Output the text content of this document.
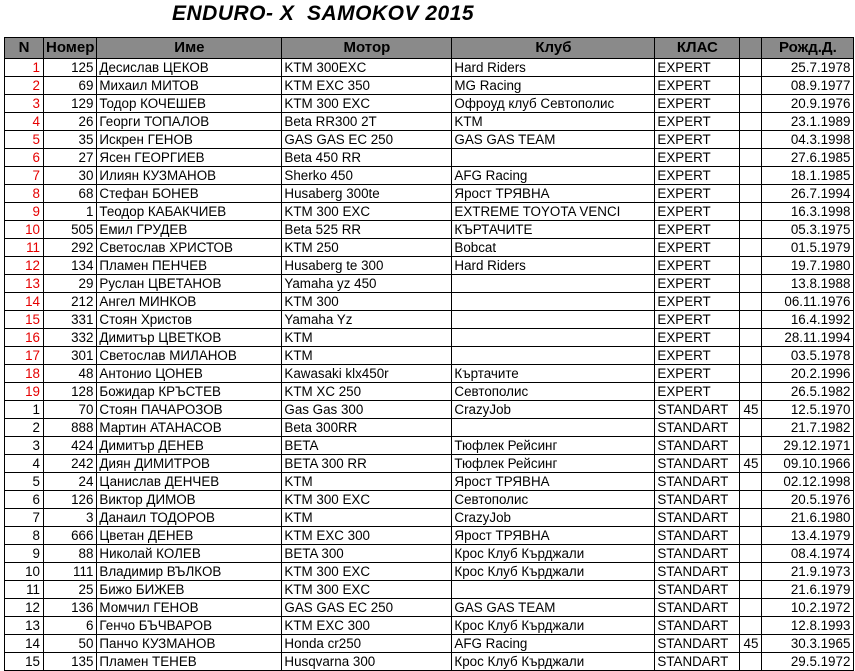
ENDURO- X  SAMOKOV 2015
N	Номер	Име	Мотор	Клуб	КЛАС		Рожд.Д.
1	125	Десислав ЦЕКОВ	KTM 300EXC	Hard Riders	EXPERT		25.7.1978
2	69	Михаил МИТОВ	KTM EXC 350	MG Racing	EXPERT		08.9.1977
3	129	Тодор КОЧЕШЕВ	KTM 300 EXC	Офроуд клуб Севтополис	EXPERT		20.9.1976
4	26	Георги ТОПАЛОВ	Beta RR300 2T	KTM	EXPERT		23.1.1989
5	35	Искрен ГЕНОВ	GAS GAS EC 250	GAS GAS TEAM	EXPERT		04.3.1998
6	27	Ясен ГЕОРГИЕВ	Beta 450 RR		EXPERT		27.6.1985
7	30	Илиян КУЗМАНОВ	Sherko 450	AFG Racing	EXPERT		18.1.1985
8	68	Стефан БОНЕВ	Husaberg 300te	Ярост ТРЯВНА	EXPERT		26.7.1994
9	1	Теодор КАБАКЧИЕВ	KTM 300 EXC	EXTREME TOYOTA VENCI	EXPERT		16.3.1998
10	505	Емил ГРУДЕВ	Beta 525 RR	КЪРТАЧИТЕ	EXPERT		05.3.1975
11	292	Светослав ХРИСТОВ	KTM 250	Bobcat	EXPERT		01.5.1979
12	134	Пламен ПЕНЧЕВ	Husaberg te 300	Hard Riders	EXPERT		19.7.1980
13	29	Руслан ЦВЕТАНОВ	Yamaha yz 450		EXPERT		13.8.1988
14	212	Ангел МИНКОВ	KTM 300		EXPERT		06.11.1976
15	331	Стоян Христов	Yamaha Yz		EXPERT		16.4.1992
16	332	Димитър ЦВЕТКОВ	KTM		EXPERT		28.11.1994
17	301	Светослав МИЛАНОВ	KTM		EXPERT		03.5.1978
18	48	Антонио ЦОНЕВ	Kawasaki klx450r	Къртачите	EXPERT		20.2.1996
19	128	Божидар КРЪСТЕВ	KTM XC 250	Севтополис	EXPERT		26.5.1982
1	70	Стоян ПАЧАРОЗОВ	Gas Gas 300	CrazyJob	STANDART	45	12.5.1970
2	888	Мартин АТАНАСОВ	Beta 300RR		STANDART		21.7.1982
3	424	Димитър ДЕНЕВ	BETA	Тюфлек Рейсинг	STANDART		29.12.1971
4	242	Диян ДИМИТРОВ	BETA 300 RR	Тюфлек Рейсинг	STANDART	45	09.10.1966
5	24	Цанислав ДЕНЧЕВ	KTM	Ярост ТРЯВНА	STANDART		02.12.1998
6	126	Виктор ДИМОВ	KTM 300 EXC	Севтополис	STANDART		20.5.1976
7	3	Данаил ТОДОРОВ	KTM	CrazyJob	STANDART		21.6.1980
8	666	Цветан ДЕНЕВ	KTM EXC 300	Ярост ТРЯВНА	STANDART		13.4.1979
9	88	Николай КОЛЕВ	BETA 300	Крос Клуб Кърджали	STANDART		08.4.1974
10	111	Владимир ВЪЛКОВ	KTM 300 EXC	Крос Клуб Кърджали	STANDART		21.9.1973
11	25	Бижо БИЖЕВ	KTM 300 EXC		STANDART		21.6.1979
12	136	Момчил ГЕНОВ	GAS GAS EC 250	GAS GAS TEAM	STANDART		10.2.1972
13	6	Генчо БЪЧВАРОВ	KTM EXC 300	Крос Клуб Кърджали	STANDART		12.8.1993
14	50	Панчо КУЗМАНОВ	Honda cr250	AFG Racing	STANDART	45	30.3.1965
15	135	Пламен ТЕНЕВ	Husqvarna 300	Крос Клуб Кърджали	STANDART		29.5.1972
